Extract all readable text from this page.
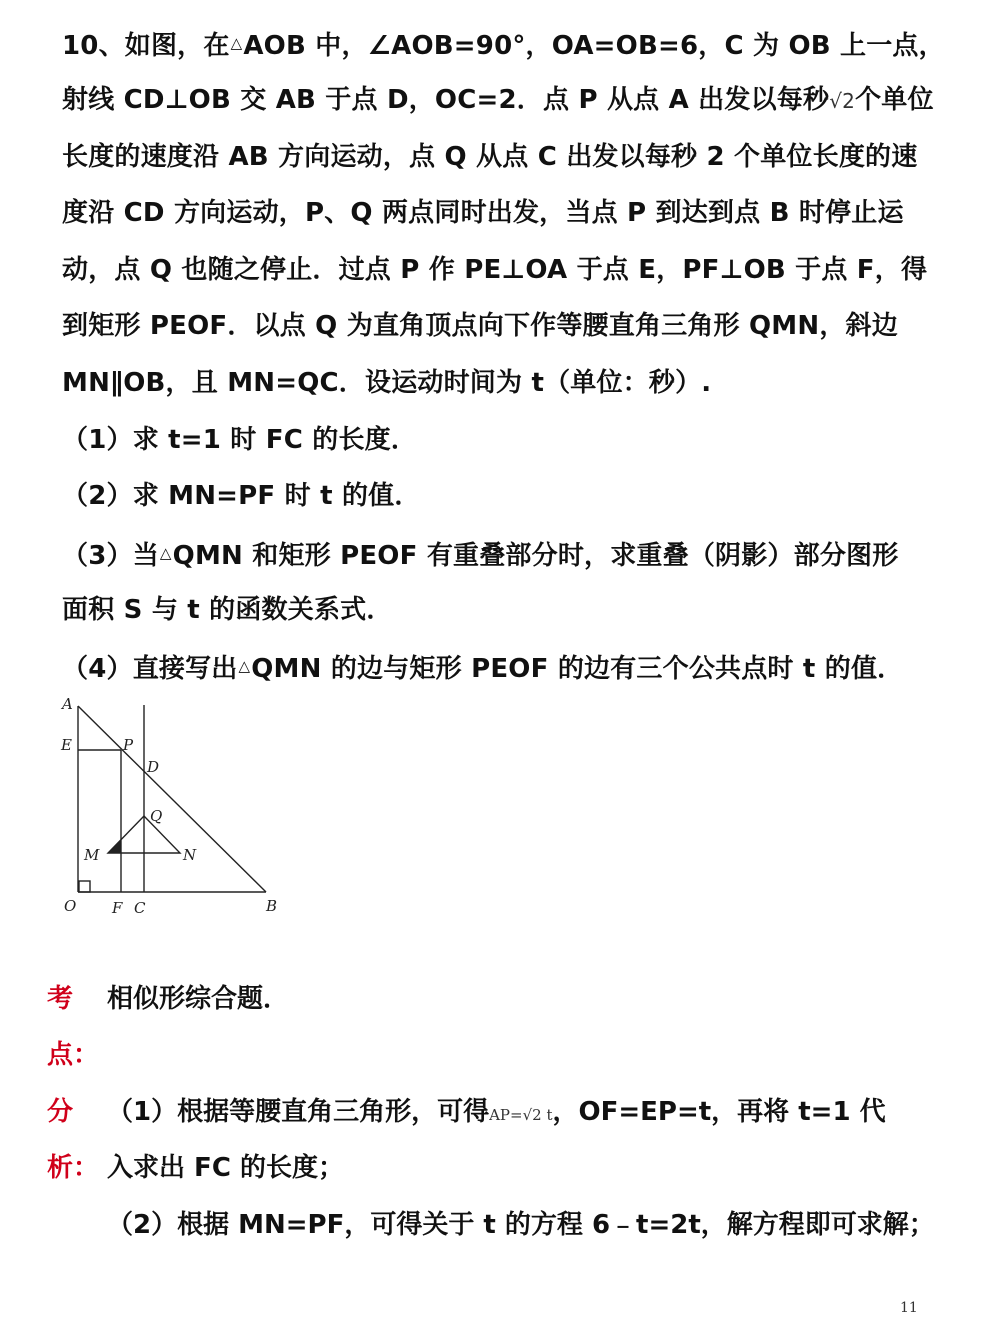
10、如图，在△AOB 中，∠AOB=90°，OA=OB=6，C 为 OB 上一点，
射线 CD⊥OB 交 AB 于点 D，OC=2．点 P 从点 A 出发以每秒√2个单位
长度的速度沿 AB 方向运动，点 Q 从点 C 出发以每秒 2 个单位长度的速
度沿 CD 方向运动，P、Q 两点同时出发，当点 P 到达到点 B 时停止运
动，点 Q 也随之停止．过点 P 作 PE⊥OA 于点 E，PF⊥OB 于点 F，得
到矩形 PEOF．以点 Q 为直角顶点向下作等腰直角三角形 QMN，斜边
MN∥OB，且 MN=QC．设运动时间为 t（单位：秒）.
（1）求 t=1 时 FC 的长度．
（2）求 MN=PF 时 t 的值．
（3）当△QMN 和矩形 PEOF 有重叠部分时，求重叠（阴影）部分图形
面积 S 与 t 的函数关系式．
（4）直接写出△QMN 的边与矩形 PEOF 的边有三个公共点时 t 的值．
A
E	P
D
Q
M	N
O F C	B
考 相似形综合题．
点：
分 （1）根据等腰直角三角形，可得AP=√2 t，OF=EP=t，再将 t=1 代
析： 入求出 FC 的长度；
（2）根据 MN=PF，可得关于 t 的方程 6﹣t=2t，解方程即可求解；
11
